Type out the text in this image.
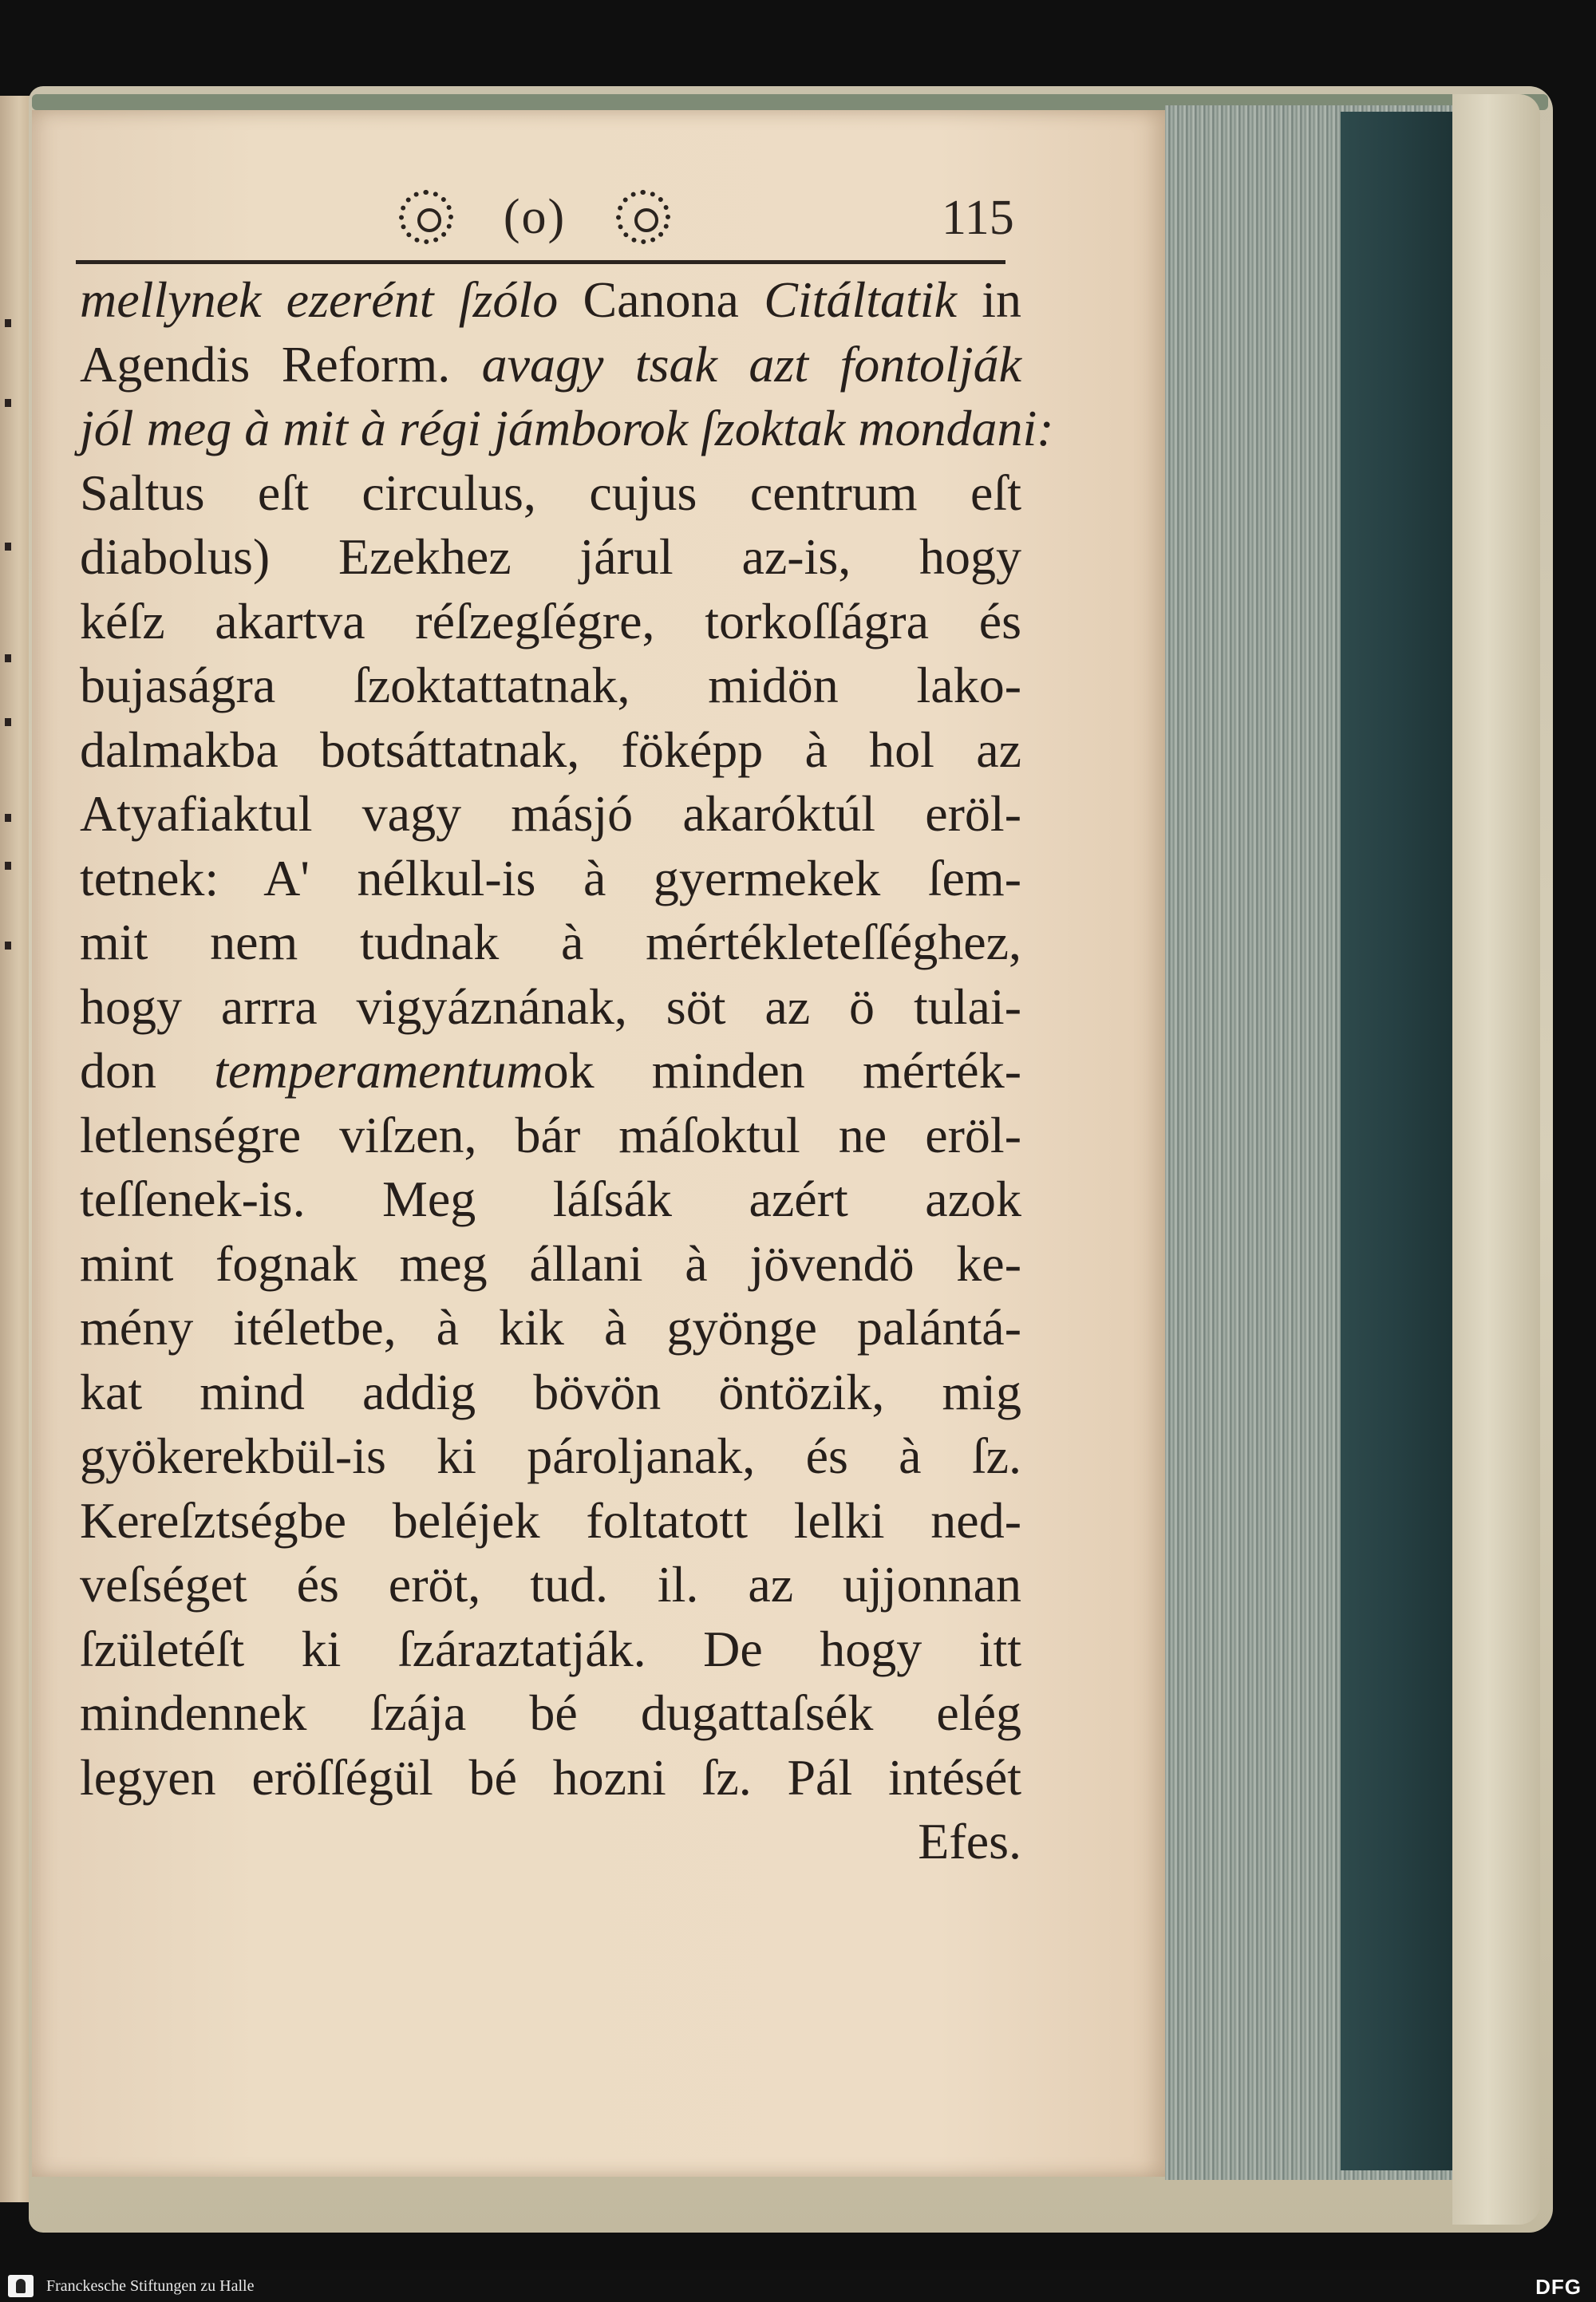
(o)	115
mellynek ezerént ſzólo Canona Citáltatik in
Agendis Reform. avagy tsak azt fontolják
jól meg à mit à régi jámborok ſzoktak mondani:
Saltus eſt circulus, cujus centrum eſt
diabolus) Ezekhez járul az-is, hogy
kéſz akartva réſzegſégre, torkoſſágra és
bujaságra ſzoktattatnak, midön lako-
dalmakba botsáttatnak, föképp à hol az
Atyafiaktul vagy másjó akaróktúl eröl-
tetnek: A' nélkul-is à gyermekek ſem-
mit nem tudnak à mértékleteſſéghez,
hogy arrra vigyáznának, söt az ö tulai-
don temperamentumok minden mérték-
letlenségre viſzen, bár máſoktul ne eröl-
teſſenek-is. Meg láſsák azért azok
mint fognak meg állani à jövendö ke-
mény itéletbe, à kik à gyönge palántá-
kat mind addig bövön öntözik, mig
gyökerekbül-is ki pároljanak, és à ſz.
Kereſztségbe beléjek foltatott lelki ned-
veſséget és eröt, tud. il. az ujjonnan
ſzületéſt ki ſzáraztatják. De hogy itt
mindennek ſzája bé dugattaſsék elég
legyen eröſſégül bé hozni ſz. Pál intését
Efes.
Franckesche Stiftungen zu Halle	DFG
